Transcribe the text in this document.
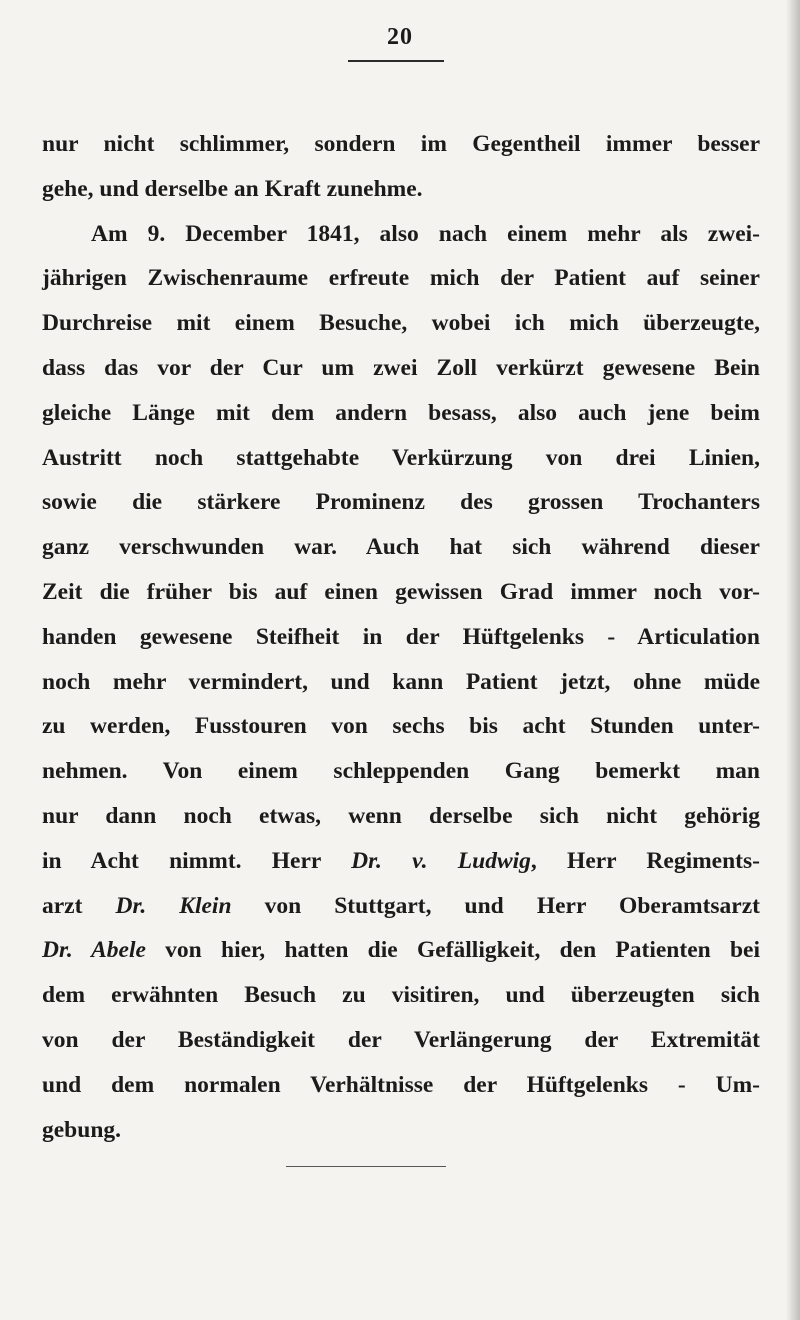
20
nur nicht schlimmer, sondern im Gegentheil immer besser
gehe, und derselbe an Kraft zunehme.
Am 9. December 1841, also nach einem mehr als zwei-
jährigen Zwischenraume erfreute mich der Patient auf seiner
Durchreise mit einem Besuche, wobei ich mich überzeugte,
dass das vor der Cur um zwei Zoll verkürzt gewesene Bein
gleiche Länge mit dem andern besass, also auch jene beim
Austritt noch stattgehabte Verkürzung von drei Linien,
sowie die stärkere Prominenz des grossen Trochanters
ganz verschwunden war. Auch hat sich während dieser
Zeit die früher bis auf einen gewissen Grad immer noch vor-
handen gewesene Steifheit in der Hüftgelenks - Articulation
noch mehr vermindert, und kann Patient jetzt, ohne müde
zu werden, Fusstouren von sechs bis acht Stunden unter-
nehmen. Von einem schleppenden Gang bemerkt man
nur dann noch etwas, wenn derselbe sich nicht gehörig
in Acht nimmt. Herr Dr. v. Ludwig, Herr Regiments-
arzt Dr. Klein von Stuttgart, und Herr Oberamtsarzt
Dr. Abele von hier, hatten die Gefälligkeit, den Patienten bei
dem erwähnten Besuch zu visitiren, und überzeugten sich
von der Beständigkeit der Verlängerung der Extremität
und dem normalen Verhältnisse der Hüftgelenks - Um-
gebung.
